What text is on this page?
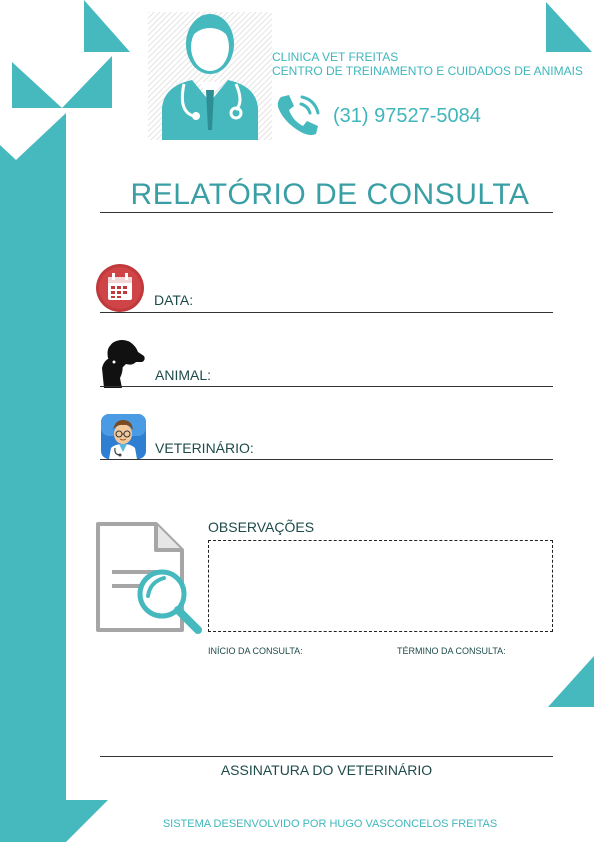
CLINICA VET FREITAS
CENTRO DE TREINAMENTO E CUIDADOS DE ANIMAIS
(31) 97527-5084
RELATÓRIO DE CONSULTA
DATA:
ANIMAL:
VETERINÁRIO:
OBSERVAÇÕES
INÍCIO DA CONSULTA:	TÉRMINO DA CONSULTA:
ASSINATURA DO VETERINÁRIO
SISTEMA DESENVOLVIDO POR HUGO VASCONCELOS FREITAS
